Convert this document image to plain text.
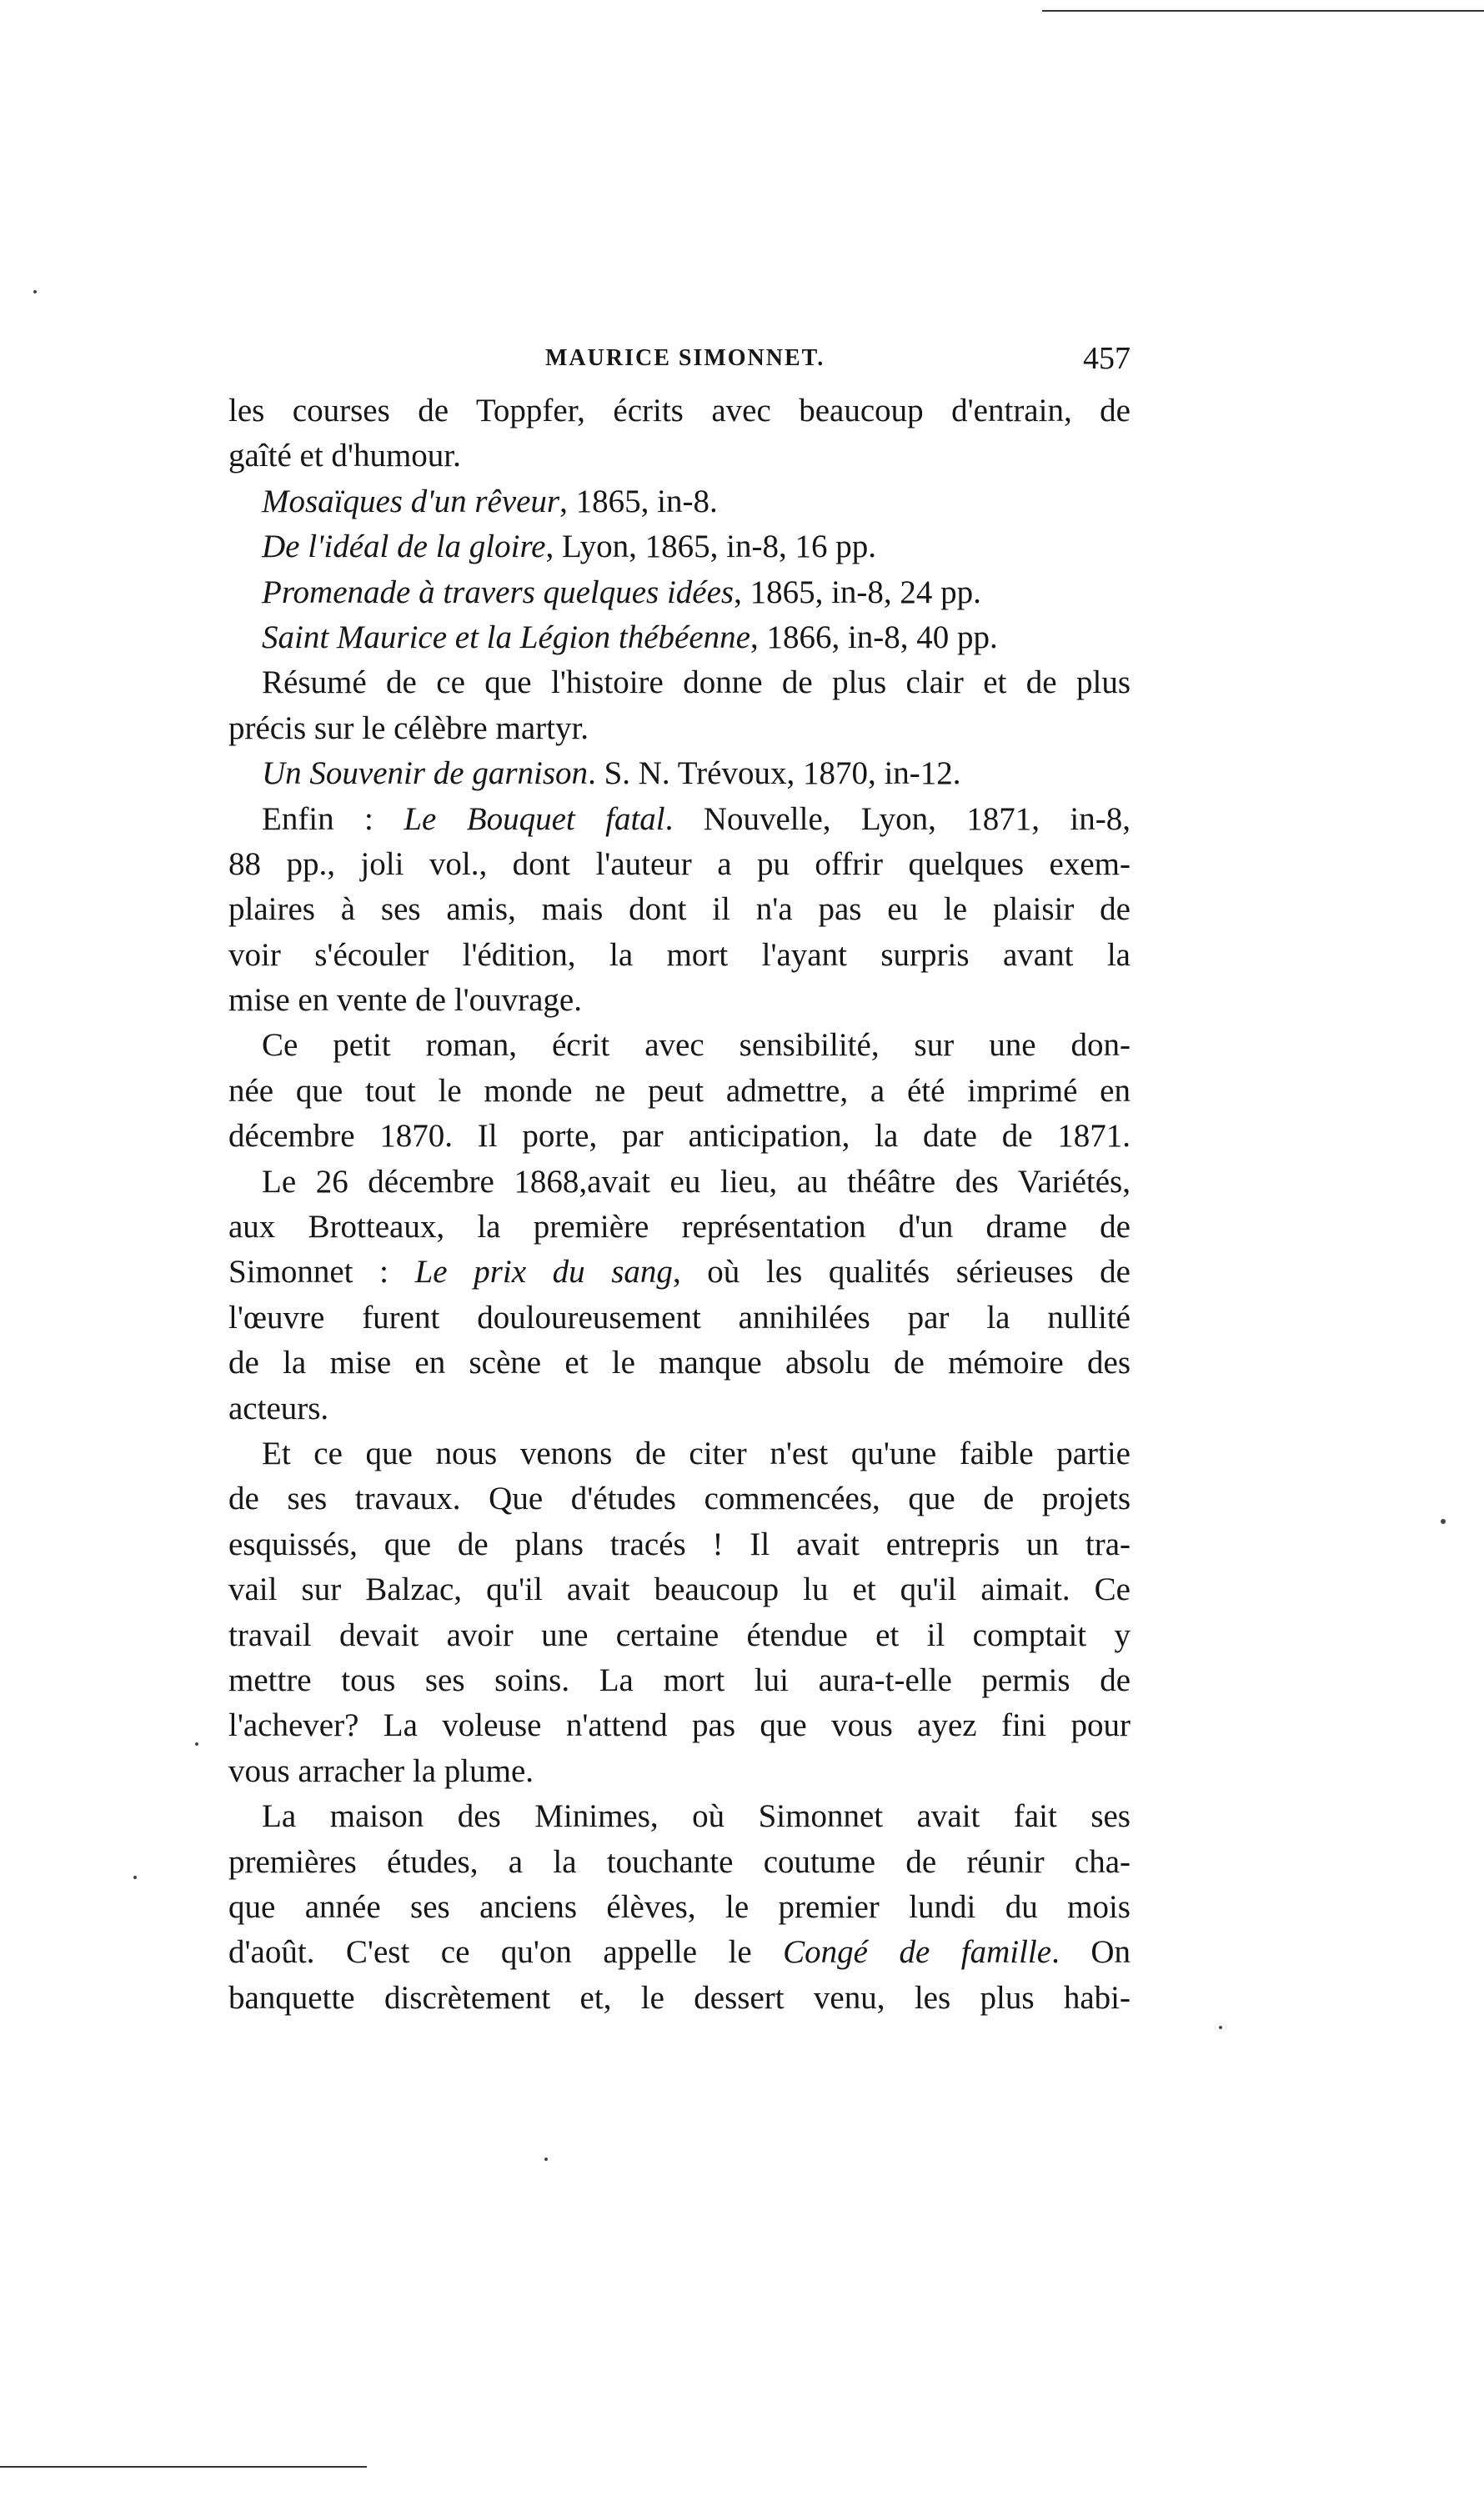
MAURICE SIMONNET.	457
les courses de Toppfer, écrits avec beaucoup d'entrain, de
gaîté et d'humour.
Mosaïques d'un rêveur, 1865, in-8.
De l'idéal de la gloire, Lyon, 1865, in-8, 16 pp.
Promenade à travers quelques idées, 1865, in-8, 24 pp.
Saint Maurice et la Légion thébéenne, 1866, in-8, 40 pp.
Résumé de ce que l'histoire donne de plus clair et de plus
précis sur le célèbre martyr.
Un Souvenir de garnison. S. N. Trévoux, 1870, in-12.
Enfin : Le Bouquet fatal. Nouvelle, Lyon, 1871, in-8,
88 pp., joli vol., dont l'auteur a pu offrir quelques exem-
plaires à ses amis, mais dont il n'a pas eu le plaisir de
voir s'écouler l'édition, la mort l'ayant surpris avant la
mise en vente de l'ouvrage.
Ce petit roman, écrit avec sensibilité, sur une don-
née que tout le monde ne peut admettre, a été imprimé en
décembre 1870. Il porte, par anticipation, la date de 1871.
Le 26 décembre 1868,avait eu lieu, au théâtre des Variétés,
aux Brotteaux, la première représentation d'un drame de
Simonnet : Le prix du sang, où les qualités sérieuses de
l'œuvre furent douloureusement annihilées par la nullité
de la mise en scène et le manque absolu de mémoire des
acteurs.
Et ce que nous venons de citer n'est qu'une faible partie
de ses travaux. Que d'études commencées, que de projets
esquissés, que de plans tracés ! Il avait entrepris un tra-
vail sur Balzac, qu'il avait beaucoup lu et qu'il aimait. Ce
travail devait avoir une certaine étendue et il comptait y
mettre tous ses soins. La mort lui aura-t-elle permis de
l'achever? La voleuse n'attend pas que vous ayez fini pour
vous arracher la plume.
La maison des Minimes, où Simonnet avait fait ses
premières études, a la touchante coutume de réunir cha-
que année ses anciens élèves, le premier lundi du mois
d'août. C'est ce qu'on appelle le Congé de famille. On
banquette discrètement et, le dessert venu, les plus habi-
